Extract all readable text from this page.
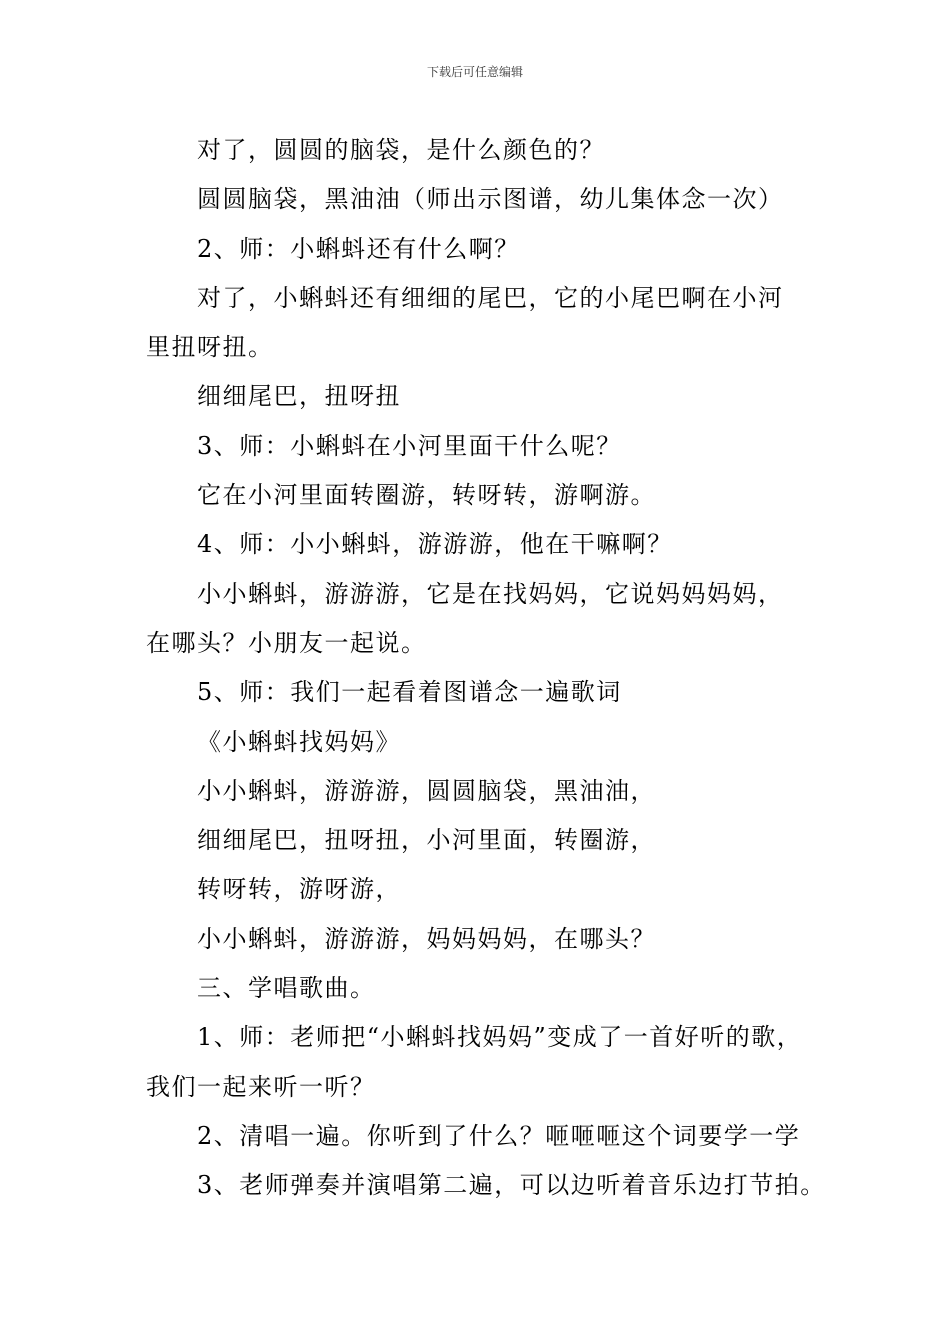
下载后可任意编辑

对了，圆圆的脑袋，是什么颜色的？

圆圆脑袋，黑油油（师出示图谱，幼儿集体念一次）

2、师：小蝌蚪还有什么啊？

对了，小蝌蚪还有细细的尾巴，它的小尾巴啊在小河

里扭呀扭。

细细尾巴，扭呀扭

3、师：小蝌蚪在小河里面干什么呢？

它在小河里面转圈游，转呀转，游啊游。

4、师：小小蝌蚪，游游游，他在干嘛啊？

小小蝌蚪，游游游，它是在找妈妈，它说妈妈妈妈，

在哪头？小朋友一起说。

5、师：我们一起看着图谱念一遍歌词

《小蝌蚪找妈妈》

小小蝌蚪，游游游，圆圆脑袋，黑油油，

细细尾巴，扭呀扭，小河里面，转圈游，

转呀转，游呀游，

小小蝌蚪，游游游，妈妈妈妈，在哪头？

三、学唱歌曲。

1、师：老师把“小蝌蚪找妈妈”变成了一首好听的歌，

我们一起来听一听？

2、清唱一遍。你听到了什么？咂咂咂这个词要学一学

3、老师弹奏并演唱第二遍，可以边听着音乐边打节拍。
